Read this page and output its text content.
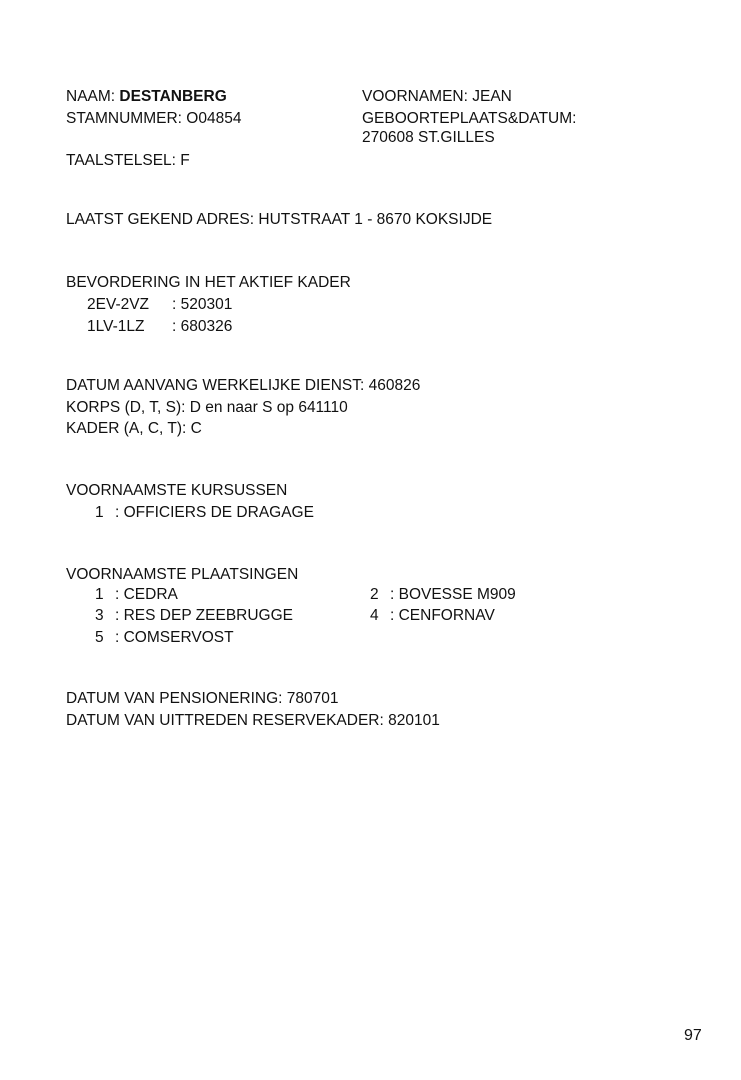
NAAM: DESTANBERG	VOORNAMEN: JEAN
STAMNUMMER: O04854	GEBOORTEPLAATS&DATUM:
270608 ST.GILLES
TAALSTELSEL: F
LAATST GEKEND ADRES: HUTSTRAAT 1 - 8670 KOKSIJDE
BEVORDERING IN HET AKTIEF KADER
2EV-2VZ : 520301
1LV-1LZ : 680326
DATUM AANVANG WERKELIJKE DIENST: 460826
KORPS (D, T, S): D en naar S op 641110
KADER (A, C, T): C
VOORNAAMSTE KURSUSSEN
1 : OFFICIERS DE DRAGAGE
VOORNAAMSTE PLAATSINGEN
1 : CEDRA	2 : BOVESSE M909
3 : RES DEP ZEEBRUGGE	4 : CENFORNAV
5 : COMSERVOST
DATUM VAN PENSIONERING: 780701
DATUM VAN UITTREDEN RESERVEKADER: 820101
97
